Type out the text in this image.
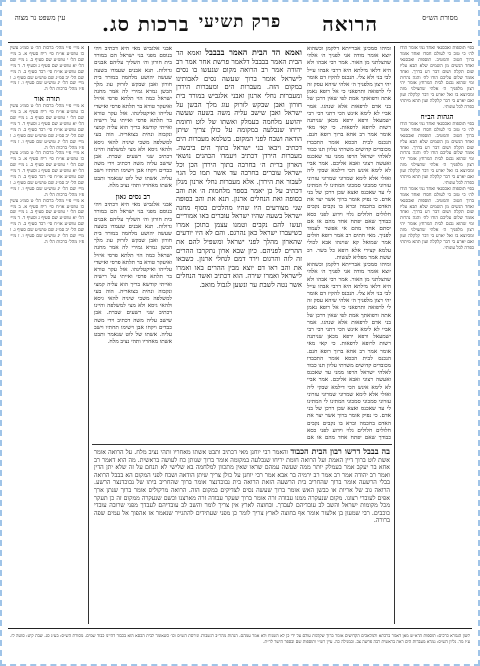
מסורת הש״ס
הרואה
פרק תשיעי
ברכות סג.
עין משפט נר מצוה

בפי׳ תוספות ואכסנאי ואחד נמי אומר הודו לה׳ כי טוב כי לעולם חסדו ואחד אומר ברוך הטוב והמטיב. תוספות ואכסנאי ואחד הנשים מן השמים שלא תבא עליו שום תקלה ושום דבר רע בדרך. ואחד אומר שלום עליכם הודו לה׳ והנה נהרות ומי שהוא נכנס לבית המרחץ אומר יהי רצון מלפניך ה׳ אלהי שתצילני מזה ומכיוצא בו ואל יארע בי דבר קלקלה ועון ואם יארע בי דבר קלקלה ועון תהא מיתתי כפרה לכל עונותי.

הגהות הב״ח

בפי׳ תוספות ואכסנאי ואחד נמי אומר הודו לה׳ כי טוב כי לעולם חסדו ואחד אומר ברוך הטוב והמטיב. תוספות ואכסנאי ואחד הנשים מן השמים שלא תבא עליו שום תקלה ושום דבר רע בדרך. ואחד אומר שלום עליכם הודו לה׳ והנה נהרות ומי שהוא נכנס לבית המרחץ אומר יהי רצון מלפניך ה׳ אלהי שתצילני מזה ומכיוצא בו ואל יארע בי דבר קלקלה ועון ואם יארע בי דבר קלקלה ועון תהא מיתתי כפרה לכל עונותי.

בפי׳ תוספות ואכסנאי ואחד נמי אומר הודו לה׳ כי טוב כי לעולם חסדו ואחד אומר ברוך הטוב והמטיב. תוספות ואכסנאי ואחד הנשים מן השמים שלא תבא עליו שום תקלה ושום דבר רע בדרך. ואחד אומר שלום עליכם הודו לה׳ והנה נהרות ומי שהוא נכנס לבית המרחץ אומר יהי רצון מלפניך ה׳ אלהי שתצילני מזה ומכיוצא בו ואל יארע בי דבר קלקלה ועון ואם יארע בי דבר קלקלה ועון תהא מיתתי כפרה לכל עונותי.

ומיהו סמכינן אברייתא דלקמן וכשהוא יוצא אומר מודה אני לפניך ה׳ אלהי שהצלתני מן האור. אמר רבי אבהו ולא היא דלאו מילתא היא דרבי אבהו עייל לבי בני ולא צלי. הנכנס להקיז דם אומר יהי רצון מלפניך ה׳ אלהי שיהא עסק זה לי לרפואה ותרפאני כי אל רופא נאמן אתה ורפואתך אמת לפי שאין דרכן של בני אדם לרפאות אלא שנהגו. אמר אביי לא לימא אינש הכי דתני דבי רבי ישמעאל ורפא ירפא מכאן שניתנה רשות לרופא לרפאות. כי קאי מאי אומר אמר רב אחא ברוך רופא חנם. הנכנס לבית הכסא אומר התכבדו מכובדים קדושים משרתי עליון תנו כבוד לאלהי ישראל הרפו ממני עד שאכנס ואעשה רצוני ואבא אליכם. אמר אביי לא לימא אינש הכי דילמא שבקי ליה ואזלי אלא לימא שמרוני שמרוני עזרוני עזרוני סמכוני סמכוני המתינו לי המתינו לי עד שאכנס ואצא שכן דרכן של בני אדם. כי נפיק אומר ברוך אשר יצר את האדם בחכמה וברא בו נקבים נקבים חלולים חלולים גלוי וידוע לפני כסא כבודך שאם יפתח אחד מהם או אם יסתם אחד מהם אי אפשר לעמוד לפניך. מאי חתים רב אמר רופא חולים אמר שמואל קא שוינהו אבא לכולי עלמא קצירי אלא רופא כל בשר. רב ששת אמר מפליא לעשות.

ומיהו סמכינן אברייתא דלקמן וכשהוא יוצא אומר מודה אני לפניך ה׳ אלהי שהצלתני מן האור. אמר רבי אבהו ולא היא דלאו מילתא היא דרבי אבהו עייל לבי בני ולא צלי. הנכנס להקיז דם אומר יהי רצון מלפניך ה׳ אלהי שיהא עסק זה לי לרפואה ותרפאני כי אל רופא נאמן אתה ורפואתך אמת לפי שאין דרכן של בני אדם לרפאות אלא שנהגו. אמר אביי לא לימא אינש הכי דתני דבי רבי ישמעאל ורפא ירפא מכאן שניתנה רשות לרופא לרפאות. כי קאי מאי אומר אמר רב אחא ברוך רופא חנם. הנכנס לבית הכסא אומר התכבדו מכובדים קדושים משרתי עליון תנו כבוד לאלהי ישראל הרפו ממני עד שאכנס ואעשה רצוני ואבא אליכם. אמר אביי לא לימא אינש הכי דילמא שבקי ליה ואזלי אלא לימא שמרוני שמרוני עזרוני עזרוני סמכוני סמכוני המתינו לי המתינו לי עד שאכנס ואצא שכן דרכן של בני אדם. כי נפיק אומר ברוך אשר יצר את האדם בחכמה וברא בו נקבים נקבים חלולים חלולים גלוי וידוע לפני כסא כבודך שאם יפתח אחד מהם או אם

ואמא הד הבית האמר בבבבל ואמא הד הבית האמר בבבבל דלאמר פרשת אחר אמר רב יהודה אמר רב הרואה מקום שנעשו בו נסים לישראל אומר ברוך שעשה נסים לאבותינו במקום הזה. מעברות הים ומעברות הירדן ומעברות נחלי ארנון ואבני אלגביש במורד בית חורון ואבן שבקש לזרוק עוג מלך הבשן על ישראל ואבן שישב עליה משה בשעה שעשה יהושע מלחמה בעמלק ואשתו של לוט וחומת יריחו שנבלעה במקומה על כולן צריך שיתן הודאה ושבח לפני המקום. בשלמא מעברות הים דכתיב ויבאו בני ישראל בתוך הים ביבשה. מעברות הירדן דכתיב ויעמדו הכהנים נושאי הארון ברית ה׳ בחרבה בתוך הירדן הכן וכל ישראל עוברים בחרבה עד אשר תמו כל הגוי לעבור את הירדן. אלא מעברות נחלי ארנון מנלן דכתיב על כן יאמר בספר מלחמות ה׳ את והב בסופה ואת הנחלים ארנון. תנא את והב בסופה שני מצורעים היו שהיו מהלכים בסוף מחנה ישראל בשעה שהיו ישראל עוברים באו אמוריים ועשו להם נקבים וטמנו עצמן בתוכן אמרו כשיעברו ישראל כאן נהרגם. והם לא היו יודעים שהארון מהלך לפני ישראל ומשפיל להם את ההרים לפניהם. כיון שבא ארון נתקרבו ההרים זה לזה והרגום וירד דמם לנחלי ארנון. כשבאו את והב ראו דם יוצא מבין ההרים באו ואמרו לישראל ואמרו שירה. הוא דכתיב ואשד הנחלים אשר נטה לשבת ער ונשען לגבול מואב.

אבני אלגביש מאי היא דכתיב ויהי בנוסם מפני בני ישראל הם במורד בית חורון וה׳ השליך עליהם אבנים גדולות. תנא אבנים שעמדו בשעה שעשה יהושע מלחמה במורד בית חורון ואבן שבקש לזרוק עוג מלך הבשן גמרא גמירי לה אמר מחנה ישראל כמה הוי תלתא פרסי איזיל ואיעקר טורא בר תלתא פרסי ואישדי עלייהו ואיקטלינהו. אזל עקר טורא בר תלתא פרסי ואייתי על רישיה ואייתי קודשא בריך הוא עליה קמצי ונקבוה ונחית בצואריה. הוה בעי למשלפה משכי שיניה להאי גיסא ולהאי גיסא ולא מצי למשלפה והיינו דכתיב שני רשעים שברת. אבן שישב עליה משה דכתיב וידי משה כבדים ויקחו אבן וישימו תחתיו וישב עליה. אשתו של לוט שנאמר ותבט אשתו מאחריו ותהי נציב מלח.

רב נסים גאון

אבני אלגביש מאי היא דכתיב ויהי בנוסם מפני בני ישראל הם במורד בית חורון וה׳ השליך עליהם אבנים גדולות. תנא אבנים שעמדו בשעה שעשה יהושע מלחמה במורד בית חורון ואבן שבקש לזרוק עוג מלך הבשן גמרא גמירי לה אמר מחנה ישראל כמה הוי תלתא פרסי איזיל ואיעקר טורא בר תלתא פרסי ואישדי עלייהו ואיקטלינהו. אזל עקר טורא בר תלתא פרסי ואייתי על רישיה ואייתי קודשא בריך הוא עליה קמצי ונקבוה ונחית בצואריה. הוה בעי למשלפה משכי שיניה להאי גיסא ולהאי גיסא ולא מצי למשלפה והיינו דכתיב שני רשעים שברת. אבן שישב עליה משה דכתיב וידי משה כבדים ויקחו אבן וישימו תחתיו וישב עליה. אשתו של לוט שנאמר ותבט אשתו מאחריו ותהי נציב מלח.

א מיי׳ פ״י מהל׳ ברכות הל׳ ט סמ״ג עשין כז טוש״ע או״ח סי׳ ריח סעיף א. ב מיי׳ שם הל׳ י טוש״ע שם סעיף ב. ג מיי׳ שם הל׳ יא טוש״ע שם סעיף ג וסעיף ד. ד מיי׳ שם טוש״ע או״ח סי׳ רכד סעיף ב. ה מיי׳ שם הל׳ יב סמ״ג שם טוש״ע שם סעיף ג. ו מיי׳ שם הל׳ יג טוש״ע שם סעיף ו. ז מיי׳ פ״ז מהל׳ ברכות הל׳ ה.

תורה אור

א מיי׳ פ״י מהל׳ ברכות הל׳ ט סמ״ג עשין כז טוש״ע או״ח סי׳ ריח סעיף א. ב מיי׳ שם הל׳ י טוש״ע שם סעיף ב. ג מיי׳ שם הל׳ יא טוש״ע שם סעיף ג וסעיף ד. ד מיי׳ שם טוש״ע או״ח סי׳ רכד סעיף ב. ה מיי׳ שם הל׳ יב סמ״ג שם טוש״ע שם סעיף ג. ו מיי׳ שם הל׳ יג טוש״ע שם סעיף ו. ז מיי׳ פ״ז מהל׳ ברכות הל׳ ה.

א מיי׳ פ״י מהל׳ ברכות הל׳ ט סמ״ג עשין כז טוש״ע או״ח סי׳ ריח סעיף א. ב מיי׳ שם הל׳ י טוש״ע שם סעיף ב. ג מיי׳ שם הל׳ יא טוש״ע שם סעיף ג וסעיף ד. ד מיי׳ שם טוש״ע או״ח סי׳ רכד סעיף ב. ה מיי׳ שם הל׳ יב סמ״ג שם טוש״ע שם סעיף ג. ו מיי׳ שם הל׳ יג טוש״ע שם סעיף ו. ז מיי׳ פ״ז מהל׳ ברכות הל׳ ה.

א מיי׳ פ״י מהל׳ ברכות הל׳ ט סמ״ג עשין כז טוש״ע או״ח סי׳ ריח סעיף א. ב מיי׳ שם הל׳ י טוש״ע שם סעיף ב. ג מיי׳ שם הל׳ יא טוש״ע שם סעיף ג וסעיף ד. ד מיי׳ שם טוש״ע או״ח סי׳ רכד סעיף ב. ה מיי׳ שם הל׳ יב סמ״ג שם טוש״ע שם סעיף ג. ו מיי׳ שם הל׳ יג טוש״ע שם סעיף ו. ז מיי׳ פ״ז מהל׳ ברכות הל׳ ה.

בה בבבל דרשו רבון הבית הכבוד והאמר רבי יוחנן מאי דכתיב ותבט אשתו מאחריו ותהי נציב מלח. על הרואה אומר אשת לוט ברוך דיין האמת ועל הרואה חומת יריחו שנבלעה במקומה אומר ברוך שנותן כח לעושה בראשית. מה הוא דאמר רב אחא בר יעקב אמר בעמלק יותר ממה שעשה עמהם שראו שאין מתכוון למלחמה בא שלישי לא תנחם על זה שלא יתן הדין ואמר רב יהודה אמר רב אמר רב ירמיה בר אבא אמר רבי יוחנן על כולן צריך שיתן הודאה ושבח לפני המקום הא בבבל הרואה בבלי הרשעה אומר ברוך שהחריב בית הרשעה הזאת הרואה בית נבוכדנצר אומר ברוך שהחריב ביתו של נבוכדנצר הרשע. הרואה גוב של אריות או כבשן האש אומר ברוך שעשה נסים לצדיקים במקום הזה. הרואה מרקוליס אומר ברוך שנתן ארך אפים לעוברי רצונו. מקום שנעקרה ממנו עבודה זרה אומר ברוך שעקר עבודה זרה מארצנו וכשם שנעקרה ממקום זה כן תעקר מכל מקומות ישראל והשב לב עובדיהם לעבדך. ובחוצה לארץ אין צריך לומר והשב לב עובדיהם לעבדך מפני שרובה עובדי כוכבים. רבי שמעון בן אלעזר אומר אף בחוצה לארץ צריך לומר כן מפני שעתידים להתגייר שנאמר אז אהפוך אל עמים שפה ברורה.

לשון הגמרא כרכים: תוספות הרא״ש מאן דאמר ברכתא ולמלאכים הקדושים אומר ברוך שקלמת עולם על ידי כן לא השגיח ולא אמר עמהם. הגהות מהר״ב רנשבורג וגירסת הש״ס וכו׳ כשאומר לבית הכסא הוא בכבוד דהיינו כבוד שמים. מסורת הש״ס: בע״ג סג. שבת קיט: סוטה לז. ע״ז מד. גליון הש״ס: גמרא מעברות הים ראה בראשית רבה פרשה צב. ובמגילה כה. עיין רש״י ותוספות שם ובספר הישר לר״ת.
